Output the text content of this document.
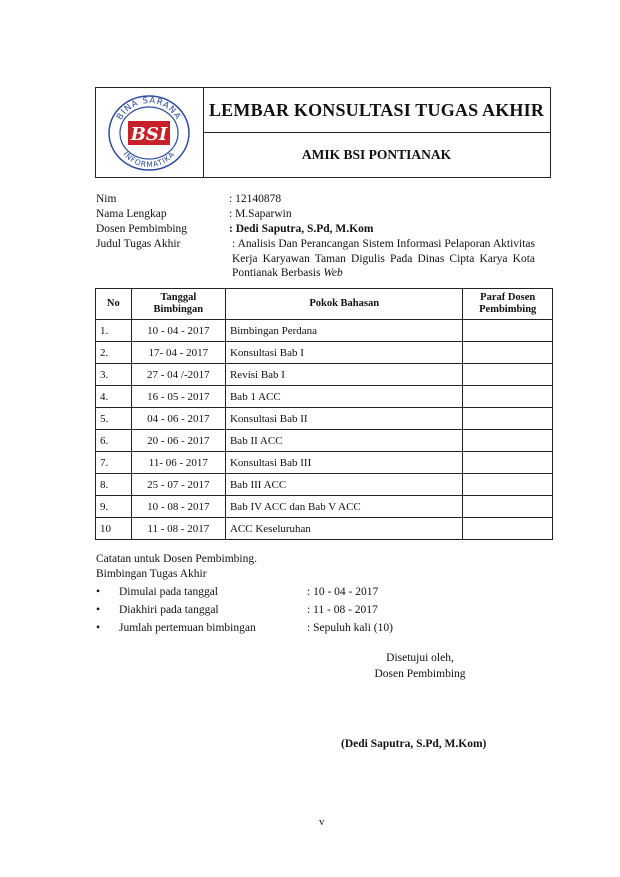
BINA SARANA
INFORMATIKA
BSI
LEMBAR KONSULTASI TUGAS AKHIR
AMIK BSI PONTIANAK
Nim	: 12140878
Nama Lengkap	: M.Saparwin
Dosen Pembimbing	: Dedi Saputra, S.Pd, M.Kom
Judul Tugas Akhir	: Analisis Dan Perancangan Sistem Informasi Pelaporan Aktivitas Kerja Karyawan Taman Digulis Pada Dinas Cipta Karya Kota Pontianak Berbasis Web
No	Tanggal Bimbingan	Pokok Bahasan	Paraf Dosen Pembimbing
1.	10 - 04 - 2017	Bimbingan Perdana	
2.	17- 04 - 2017	Konsultasi Bab I	
3.	27 - 04 /-2017	Revisi Bab I	
4.	16 - 05 - 2017	Bab 1 ACC	
5.	04 - 06 - 2017	Konsultasi Bab II	
6.	20 - 06 - 2017	Bab II ACC	
7.	11- 06 - 2017	Konsultasi Bab III	
8.	25 - 07 - 2017	Bab III ACC	
9.	10 - 08 - 2017	Bab IV ACC dan Bab V ACC	
10	11 - 08 - 2017	ACC Keseluruhan	
Catatan untuk Dosen Pembimbing.
Bimbingan Tugas Akhir
• Dimulai pada tanggal	: 10 - 04 - 2017
• Diakhiri pada tanggal	: 11 - 08 - 2017
• Jumlah pertemuan bimbingan	: Sepuluh kali (10)
Disetujui oleh,
Dosen Pembimbing
(Dedi Saputra, S.Pd, M.Kom)
v
